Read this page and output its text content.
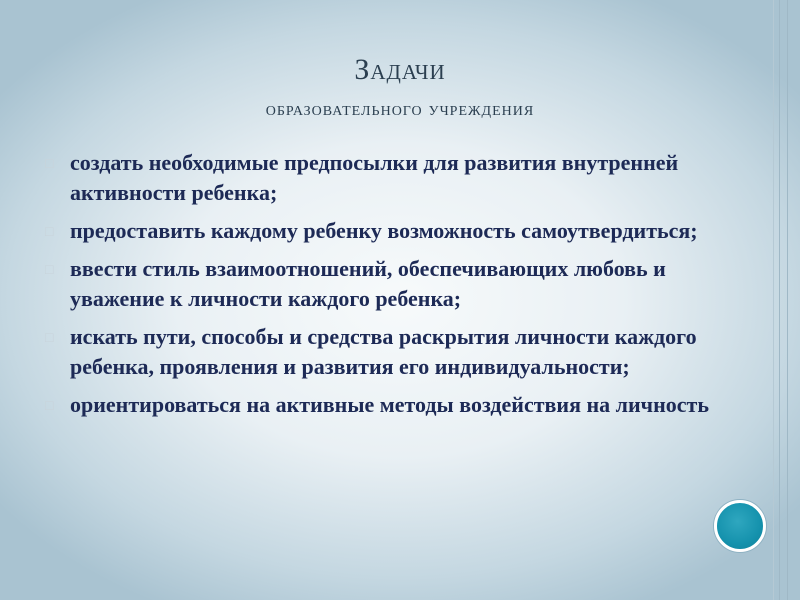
Задачи
образовательного учреждения
□ создать необходимые предпосылки для развития внутренней активности ребенка;
□ предоставить каждому ребенку возможность самоутвердиться;
□ ввести стиль взаимоотношений, обеспечивающих любовь и уважение к личности каждого ребенка;
□ искать пути, способы и средства раскрытия личности каждого ребенка, проявления и развития его индивидуальности;
□ ориентироваться на активные методы воздействия на личность
